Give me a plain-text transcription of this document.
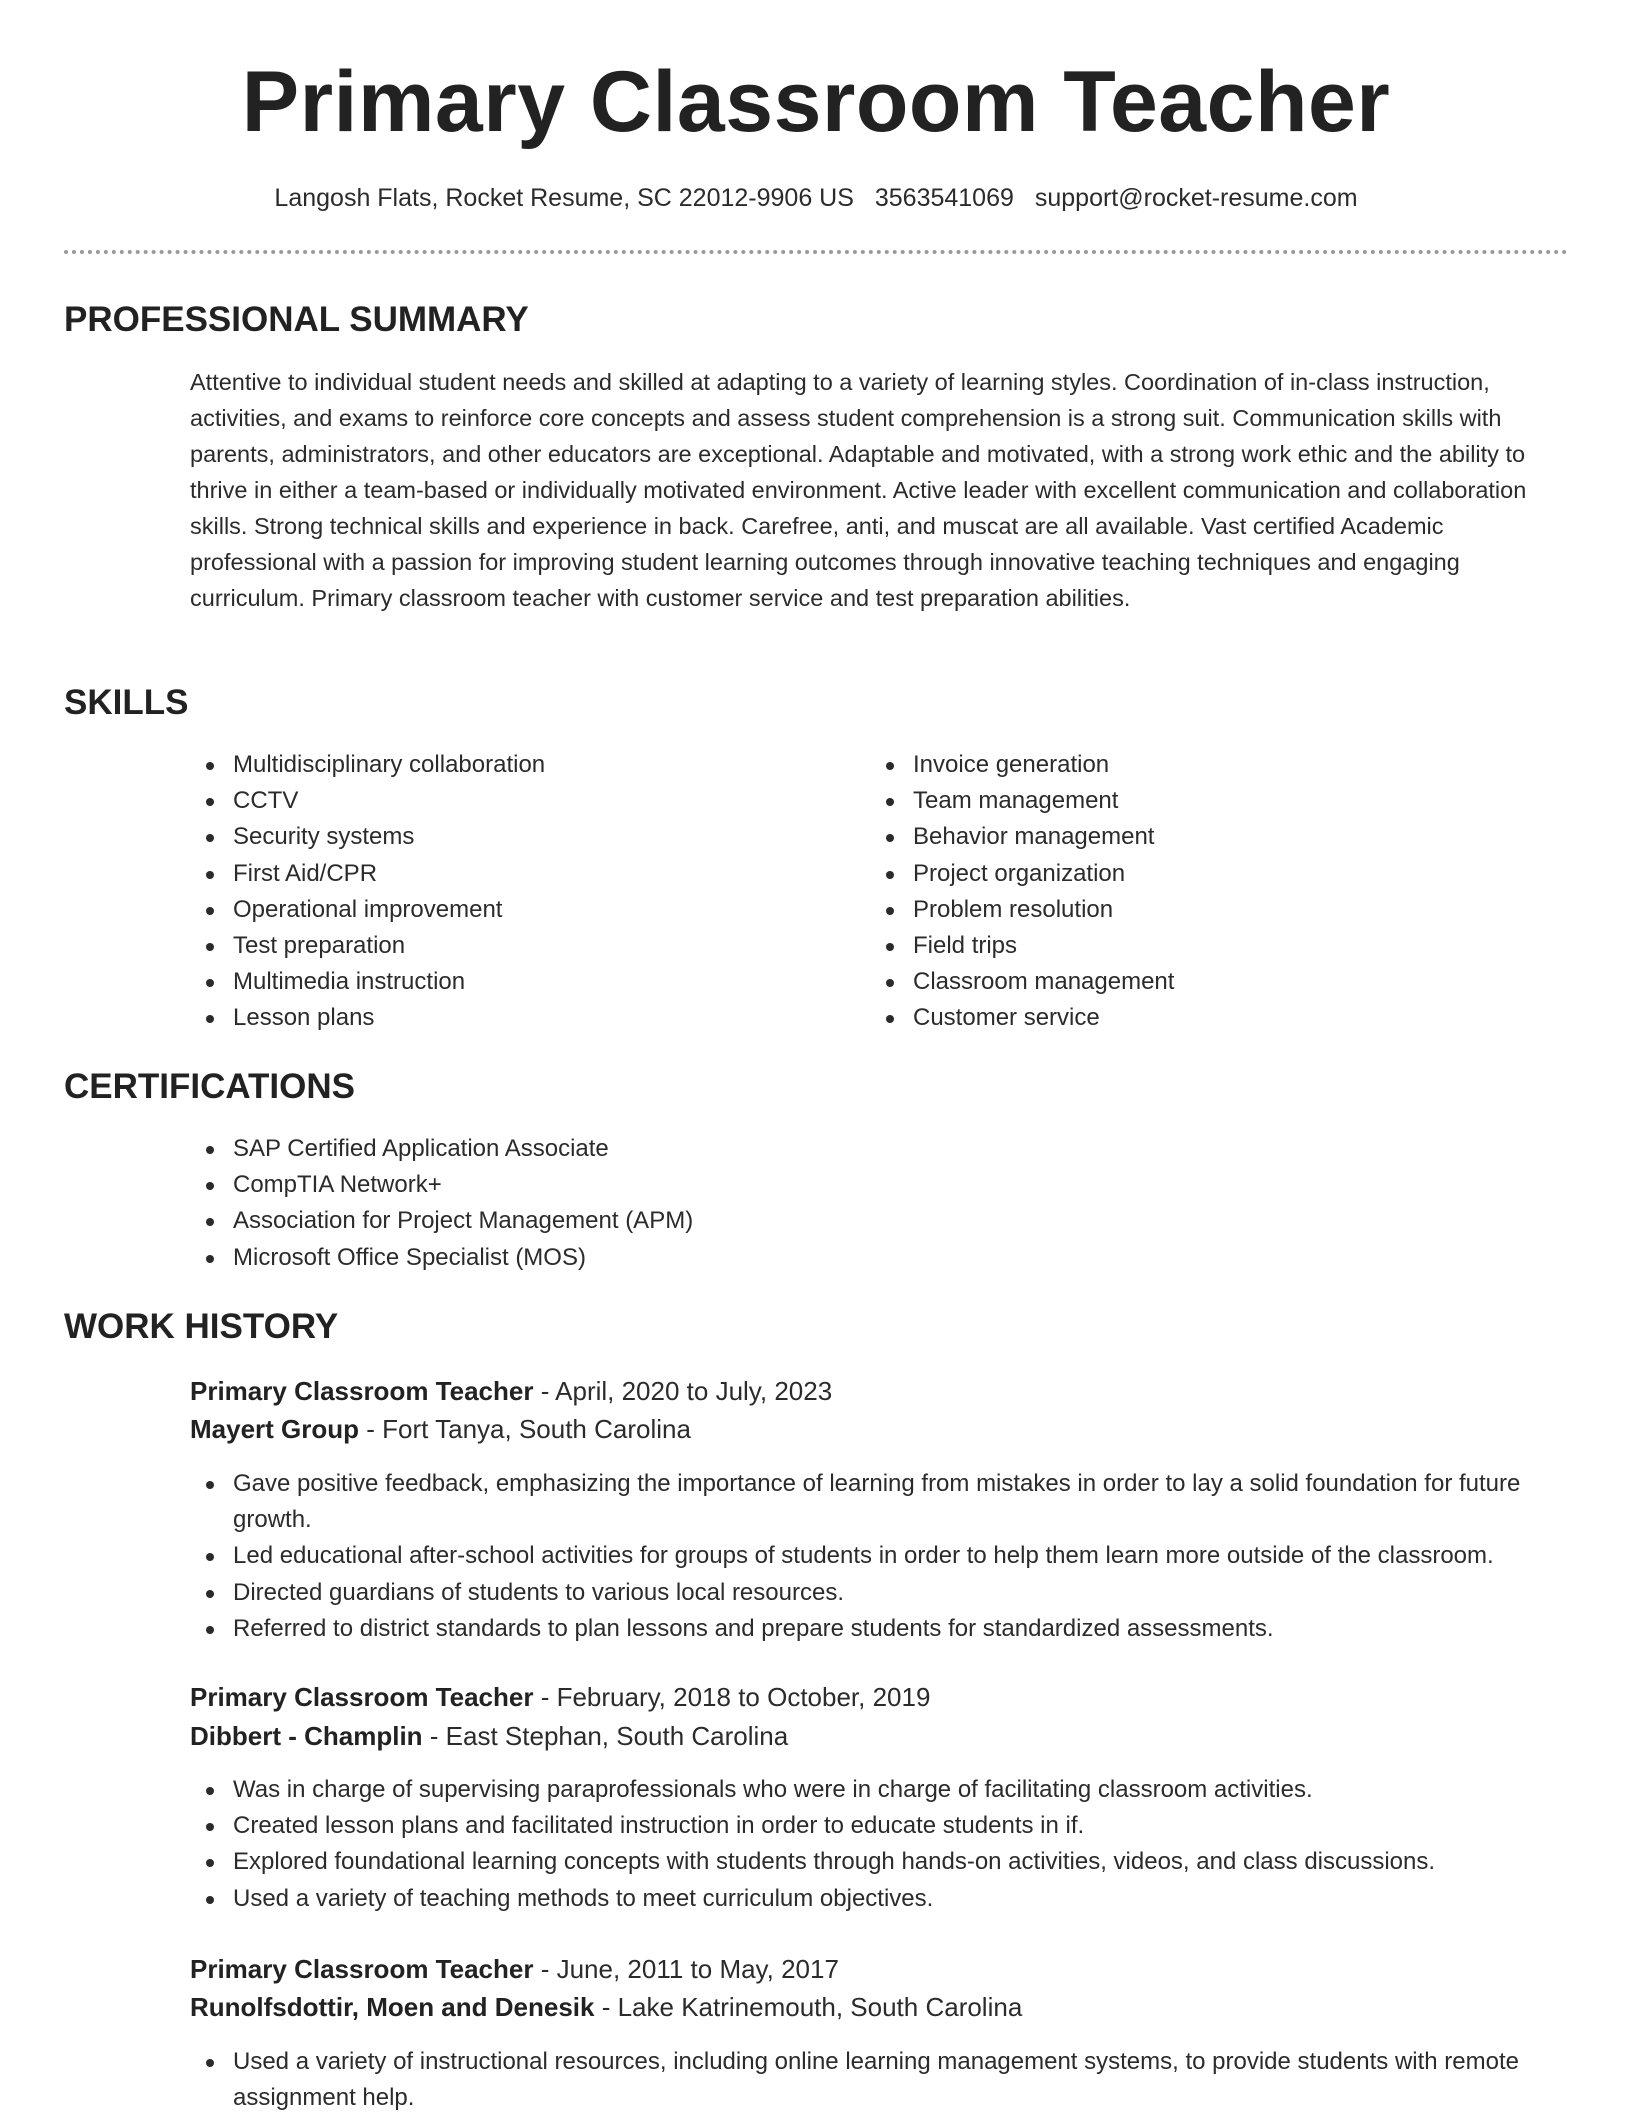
Primary Classroom Teacher
Langosh Flats, Rocket Resume, SC 22012-9906 US 3563541069 support@rocket-resume.com
PROFESSIONAL SUMMARY

Attentive to individual student needs and skilled at adapting to a variety of learning styles. Coordination of in-class instruction, activities, and exams to reinforce core concepts and assess student comprehension is a strong suit. Communication skills with parents, administrators, and other educators are exceptional. Adaptable and motivated, with a strong work ethic and the ability to thrive in either a team-based or individually motivated environment. Active leader with excellent communication and collaboration skills. Strong technical skills and experience in back. Carefree, anti, and muscat are all available. Vast certified Academic professional with a passion for improving student learning outcomes through innovative teaching techniques and engaging curriculum. Primary classroom teacher with customer service and test preparation abilities.

SKILLS
Multidisciplinary collaboration
CCTV
Security systems
First Aid/CPR
Operational improvement
Test preparation
Multimedia instruction
Lesson plans
Invoice generation
Team management
Behavior management
Project organization
Problem resolution
Field trips
Classroom management
Customer service
CERTIFICATIONS
SAP Certified Application Associate
CompTIA Network+
Association for Project Management (APM)
Microsoft Office Specialist (MOS)
WORK HISTORY
Primary Classroom Teacher - April, 2020 to July, 2023
Mayert Group - Fort Tanya, South Carolina
Gave positive feedback, emphasizing the importance of learning from mistakes in order to lay a solid foundation for future growth.
Led educational after-school activities for groups of students in order to help them learn more outside of the classroom.
Directed guardians of students to various local resources.
Referred to district standards to plan lessons and prepare students for standardized assessments.
Primary Classroom Teacher - February, 2018 to October, 2019
Dibbert - Champlin - East Stephan, South Carolina
Was in charge of supervising paraprofessionals who were in charge of facilitating classroom activities.
Created lesson plans and facilitated instruction in order to educate students in if.
Explored foundational learning concepts with students through hands-on activities, videos, and class discussions.
Used a variety of teaching methods to meet curriculum objectives.
Primary Classroom Teacher - June, 2011 to May, 2017
Runolfsdottir, Moen and Denesik - Lake Katrinemouth, South Carolina
Used a variety of instructional resources, including online learning management systems, to provide students with remote assignment help.
